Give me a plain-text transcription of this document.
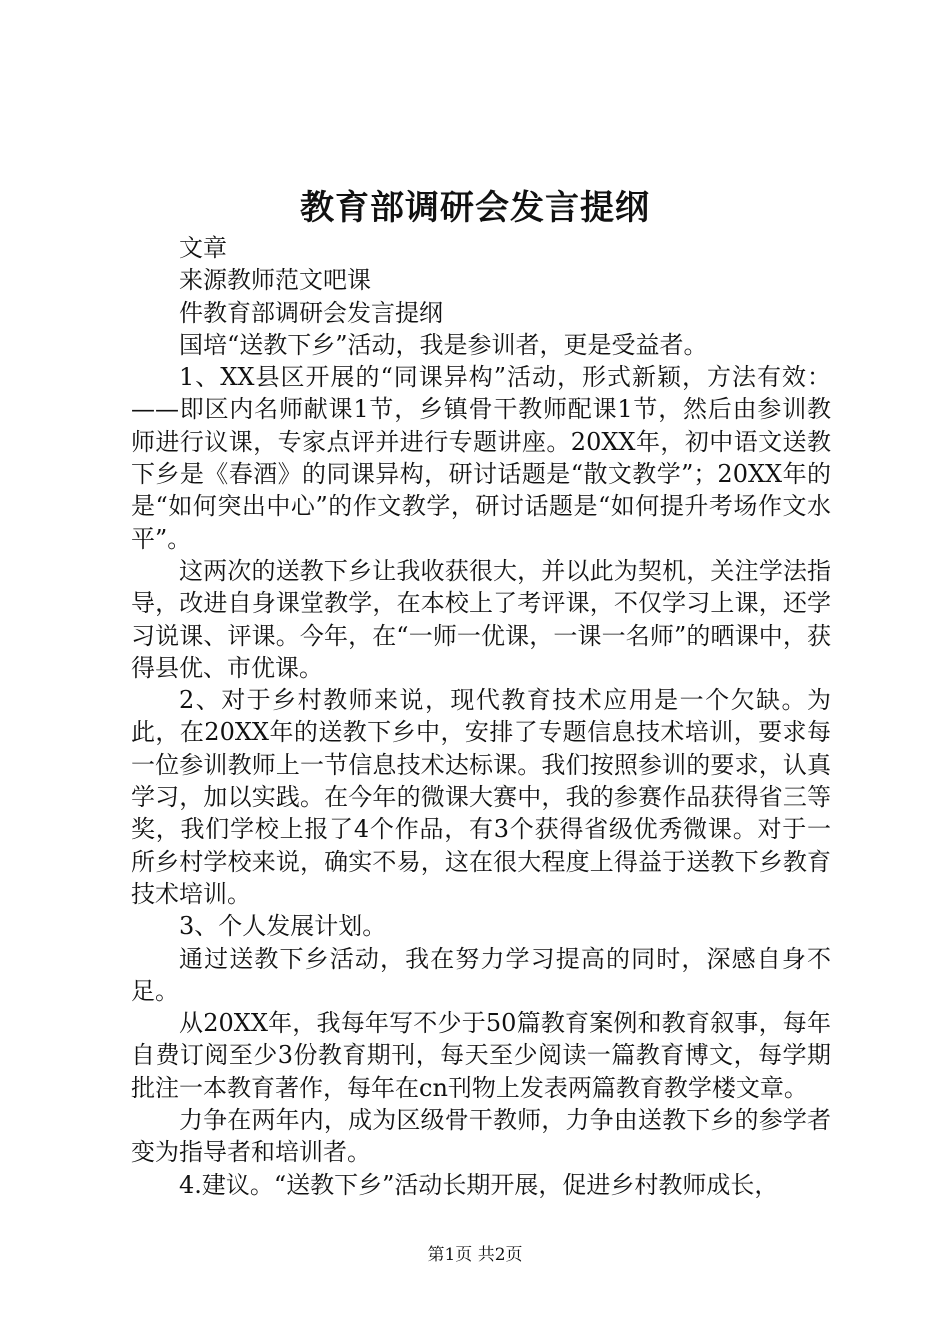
教育部调研会发言提纲

文章

来源教师范文吧课

件教育部调研会发言提纲

国培“送教下乡”活动，我是参训者，更是受益者。

1、XX县区开展的“同课异构”活动，形式新颖，方法有效：——即区内名师献课1节，乡镇骨干教师配课1节，然后由参训教师进行议课，专家点评并进行专题讲座。20XX年，初中语文送教下乡是《春酒》的同课异构，研讨话题是“散文教学”；20XX年的是“如何突出中心”的作文教学，研讨话题是“如何提升考场作文水平”。

这两次的送教下乡让我收获很大，并以此为契机，关注学法指导，改进自身课堂教学，在本校上了考评课，不仅学习上课，还学习说课、评课。今年，在“一师一优课，一课一名师”的晒课中，获得县优、市优课。

2、对于乡村教师来说，现代教育技术应用是一个欠缺。为此，在20XX年的送教下乡中，安排了专题信息技术培训，要求每一位参训教师上一节信息技术达标课。我们按照参训的要求，认真学习，加以实践。在今年的微课大赛中，我的参赛作品获得省三等奖，我们学校上报了4个作品，有3个获得省级优秀微课。对于一所乡村学校来说，确实不易，这在很大程度上得益于送教下乡教育技术培训。

3、个人发展计划。

通过送教下乡活动，我在努力学习提高的同时，深感自身不足。

从20XX年，我每年写不少于50篇教育案例和教育叙事，每年自费订阅至少3份教育期刊，每天至少阅读一篇教育博文，每学期批注一本教育著作，每年在cn刊物上发表两篇教育教学楼文章。

力争在两年内，成为区级骨干教师，力争由送教下乡的参学者变为指导者和培训者。

4.建议。“送教下乡”活动长期开展，促进乡村教师成长，

第1页 共2页
